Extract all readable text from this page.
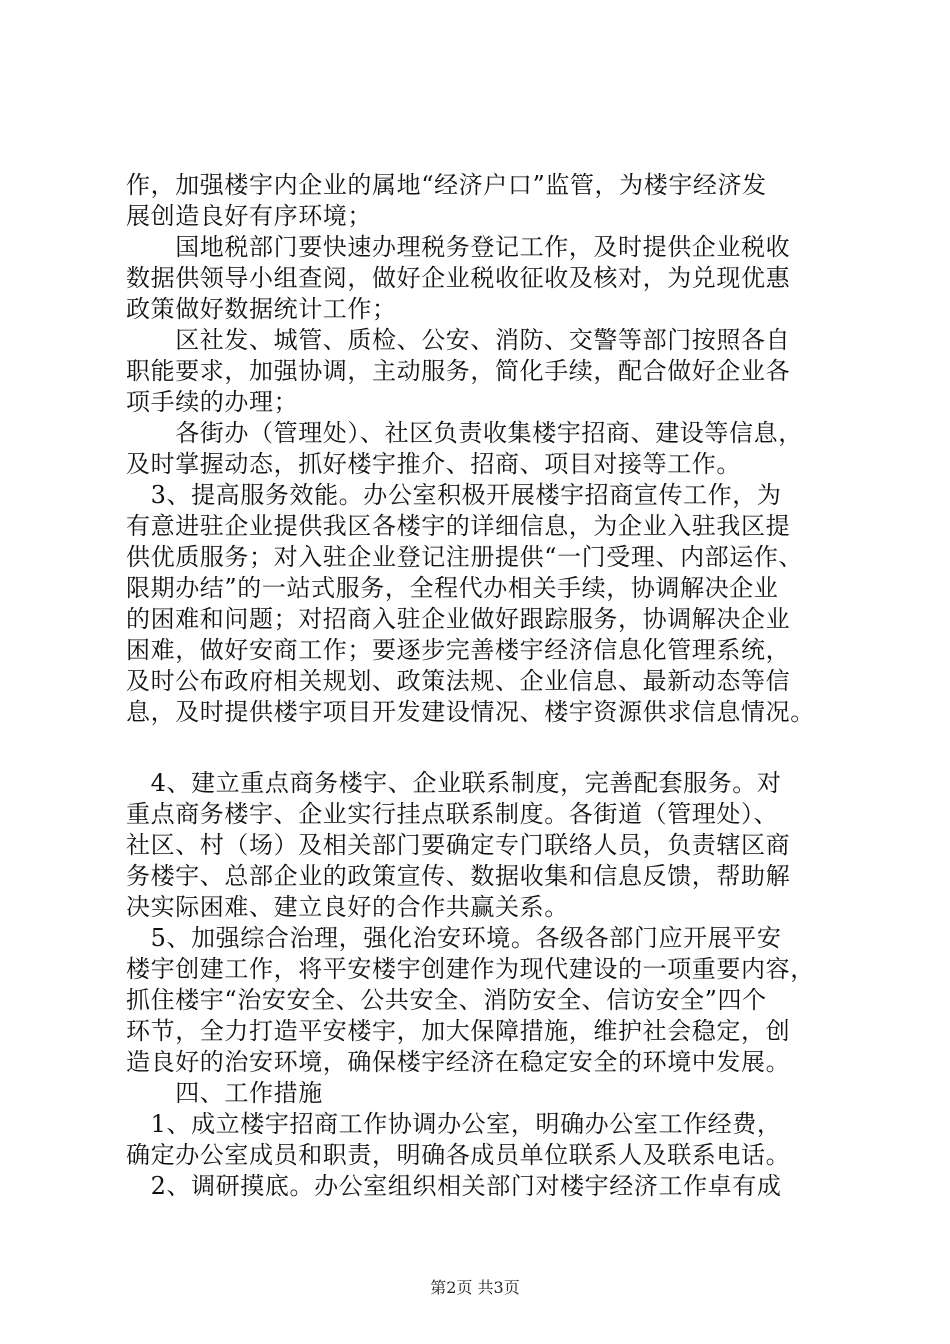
作，加强楼宇内企业的属地“经济户口”监管，为楼宇经济发
展创造良好有序环境；
　　国地税部门要快速办理税务登记工作，及时提供企业税收
数据供领导小组查阅，做好企业税收征收及核对，为兑现优惠
政策做好数据统计工作；
　　区社发、城管、质检、公安、消防、交警等部门按照各自
职能要求，加强协调，主动服务，简化手续，配合做好企业各
项手续的办理；
　　各街办（管理处）、社区负责收集楼宇招商、建设等信息，
及时掌握动态，抓好楼宇推介、招商、项目对接等工作。
　3、提高服务效能。办公室积极开展楼宇招商宣传工作，为
有意进驻企业提供我区各楼宇的详细信息，为企业入驻我区提
供优质服务；对入驻企业登记注册提供“一门受理、内部运作、
限期办结”的一站式服务，全程代办相关手续，协调解决企业
的困难和问题；对招商入驻企业做好跟踪服务，协调解决企业
困难，做好安商工作；要逐步完善楼宇经济信息化管理系统，
及时公布政府相关规划、政策法规、企业信息、最新动态等信
息，及时提供楼宇项目开发建设情况、楼宇资源供求信息情况。
　4、建立重点商务楼宇、企业联系制度，完善配套服务。对
重点商务楼宇、企业实行挂点联系制度。各街道（管理处）、
社区、村（场）及相关部门要确定专门联络人员，负责辖区商
务楼宇、总部企业的政策宣传、数据收集和信息反馈，帮助解
决实际困难、建立良好的合作共赢关系。
　5、加强综合治理，强化治安环境。各级各部门应开展平安
楼宇创建工作，将平安楼宇创建作为现代建设的一项重要内容，
抓住楼宇“治安安全、公共安全、消防安全、信访安全”四个
环节，全力打造平安楼宇，加大保障措施，维护社会稳定，创
造良好的治安环境，确保楼宇经济在稳定安全的环境中发展。
　　四、工作措施
　1、成立楼宇招商工作协调办公室，明确办公室工作经费，
确定办公室成员和职责，明确各成员单位联系人及联系电话。
　2、调研摸底。办公室组织相关部门对楼宇经济工作卓有成
第2页 共3页
